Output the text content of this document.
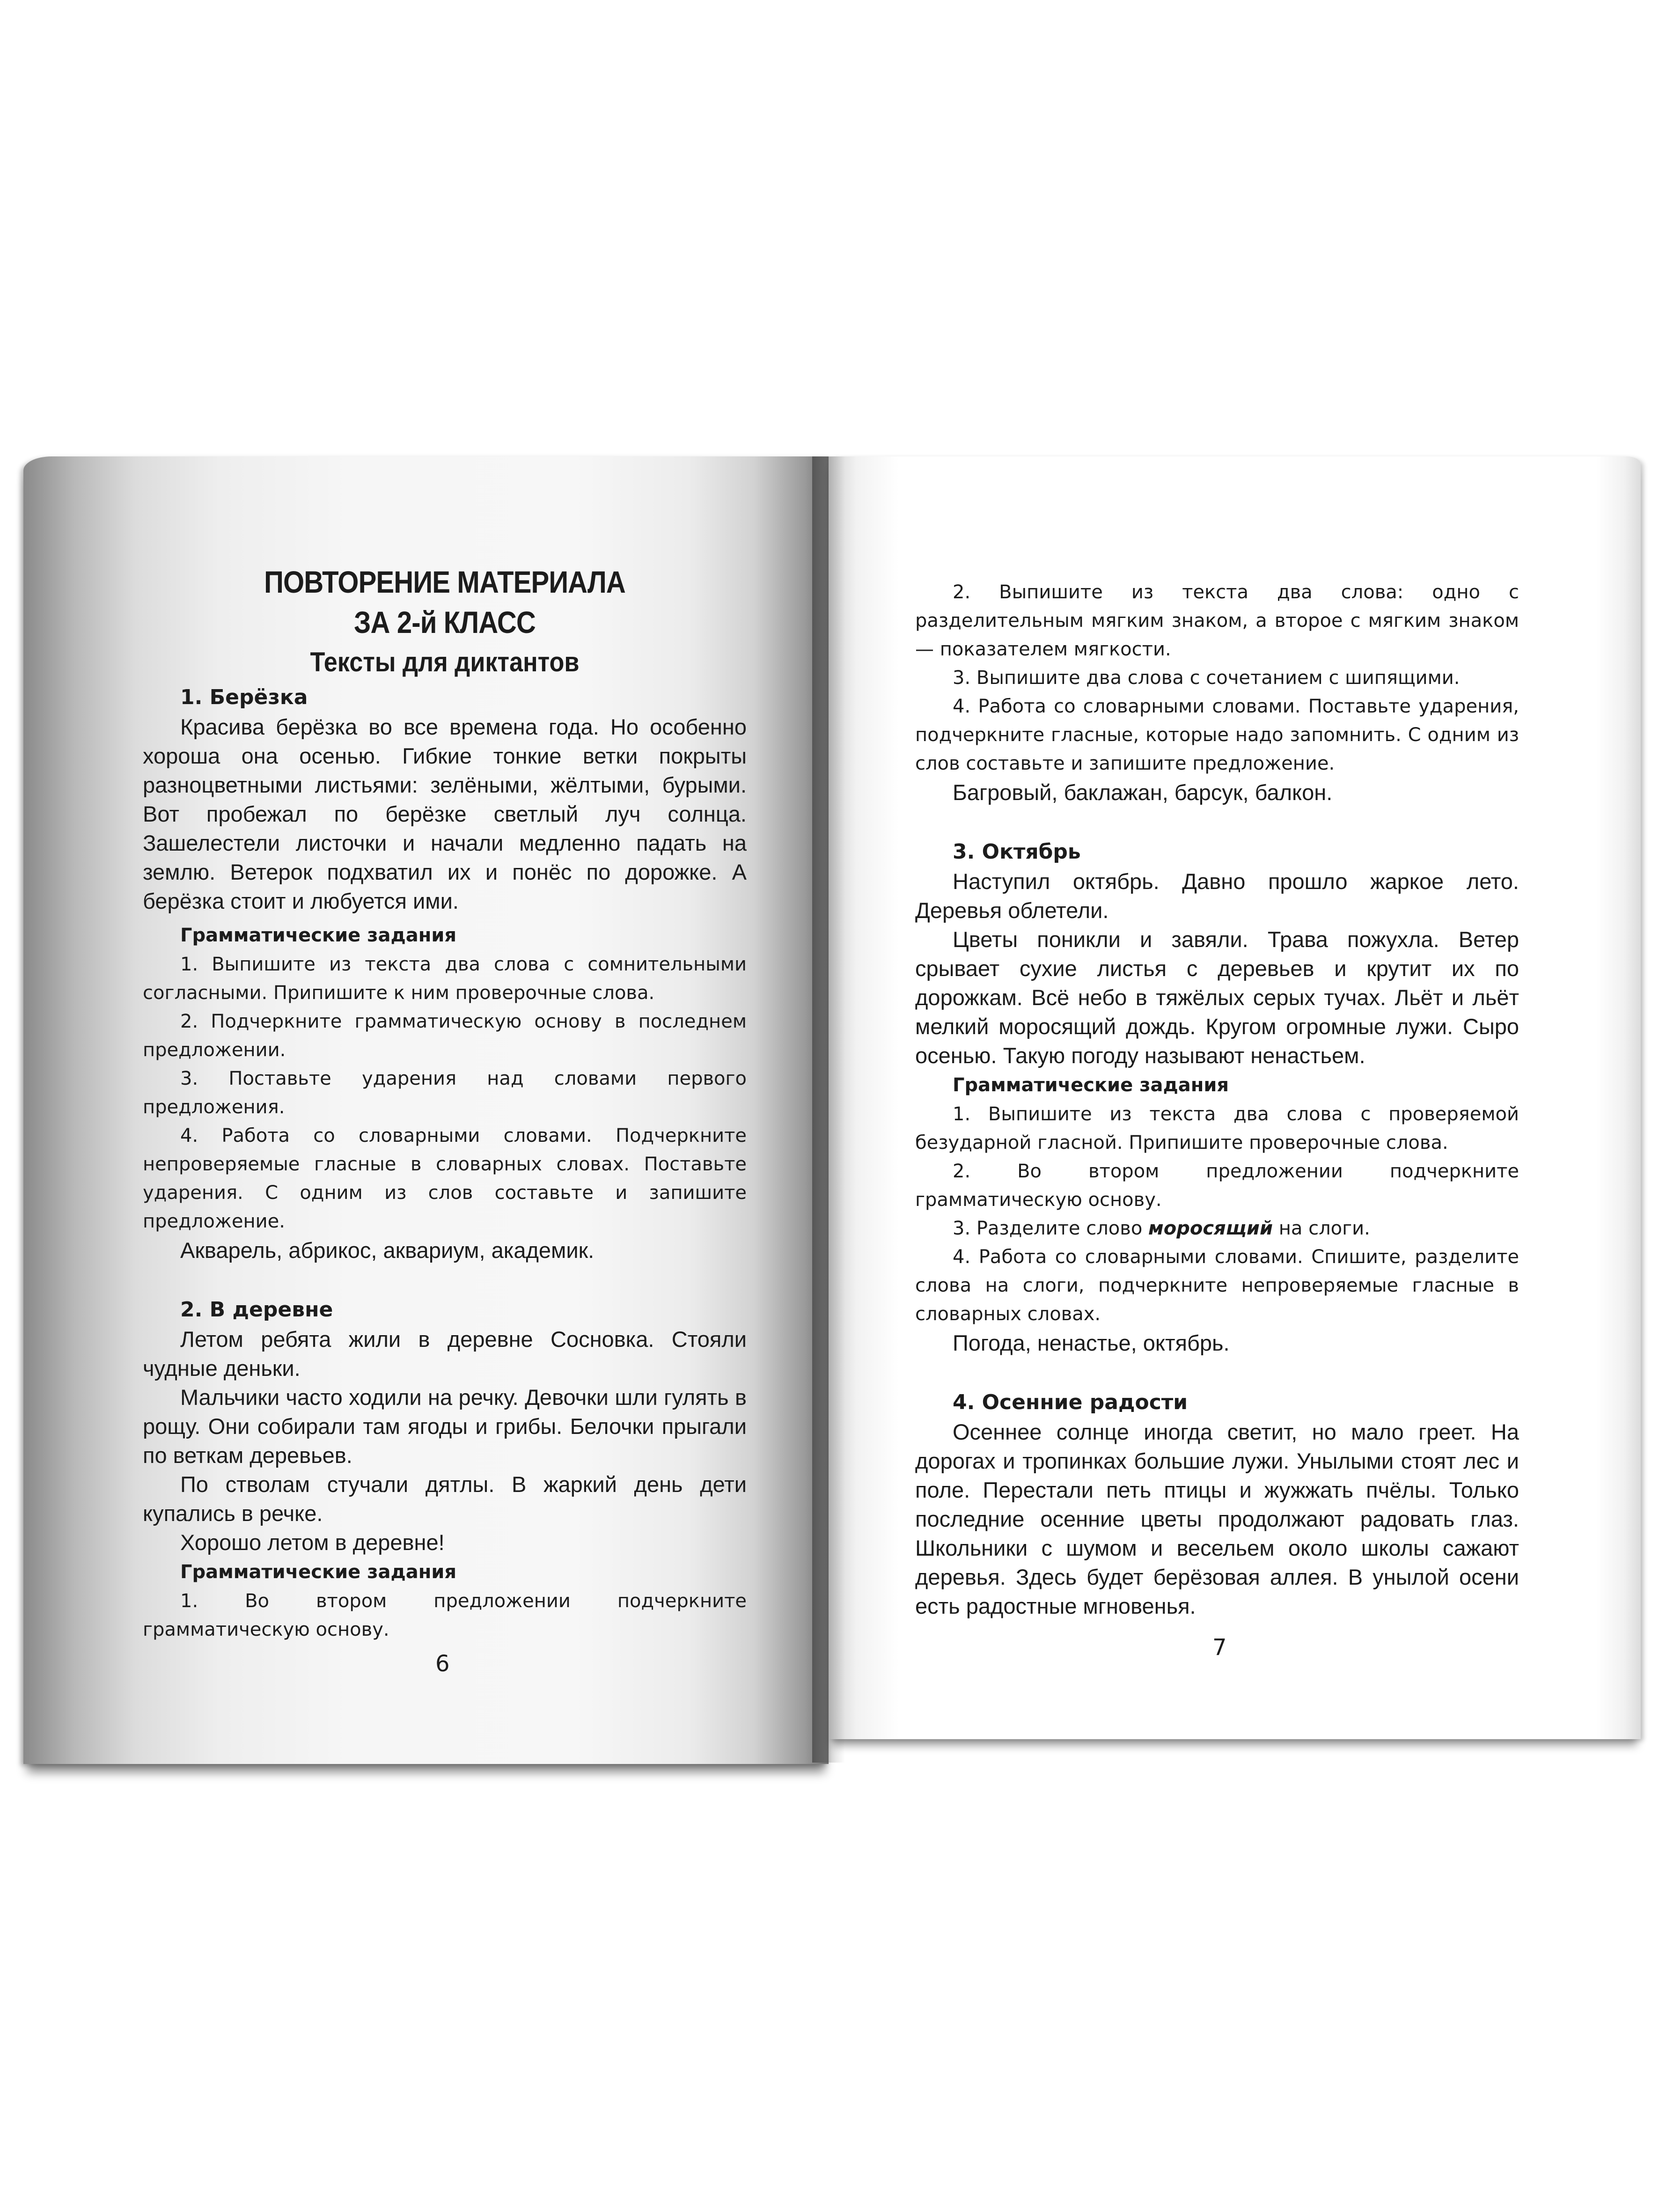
ПОВТОРЕНИЕ МАТЕРИАЛА

ЗА 2-й КЛАСС

Тексты для диктантов

1. Берёзка

Красива берёзка во все времена года. Но особенно хороша она осенью. Гибкие тонкие ветки покрыты разноцветными листьями: зелёными, жёлтыми, бурыми. Вот пробежал по берёзке светлый луч солнца. Зашелестели листочки и начали медленно падать на землю. Ветерок подхватил их и понёс по дорожке. А берёзка стоит и любуется ими.

Грамматические задания

1. Выпишите из текста два слова с сомнительными согласными. Припишите к ним проверочные слова.

2. Подчеркните грамматическую основу в последнем предложении.

3. Поставьте ударения над словами первого предложения.

4. Работа со словарными словами. Подчеркните непроверяемые гласные в словарных словах. Поставьте ударения. С одним из слов составьте и запишите предложение.

Акварель, абрикос, аквариум, академик.

2. В деревне

Летом ребята жили в деревне Сосновка. Стояли чудные деньки.

Мальчики часто ходили на речку. Девочки шли гулять в рощу. Они собирали там ягоды и грибы. Белочки прыгали по веткам деревьев.

По стволам стучали дятлы. В жаркий день дети купались в речке.

Хорошо летом в деревне!

Грамматические задания

1. Во втором предложении подчеркните грамматическую основу.

6

2. Выпишите из текста два слова: одно с разделительным мягким знаком, а второе с мягким знаком — показателем мягкости.

3. Выпишите два слова с сочетанием с шипящими.

4. Работа со словарными словами. Поставьте ударения, подчеркните гласные, которые надо запомнить. С одним из слов составьте и запишите предложение.

Багровый, баклажан, барсук, балкон.

3. Октябрь

Наступил октябрь. Давно прошло жаркое лето. Деревья облетели.

Цветы поникли и завяли. Трава пожухла. Ветер срывает сухие листья с деревьев и крутит их по дорожкам. Всё небо в тяжёлых серых тучах. Льёт и льёт мелкий моросящий дождь. Кругом огромные лужи. Сыро осенью. Такую погоду называют ненастьем.

Грамматические задания

1. Выпишите из текста два слова с проверяемой безударной гласной. Припишите проверочные слова.

2. Во втором предложении подчеркните грамматическую основу.

3. Разделите слово моросящий на слоги.

4. Работа со словарными словами. Спишите, разделите слова на слоги, подчеркните непроверяемые гласные в словарных словах.

Погода, ненастье, октябрь.

4. Осенние радости

Осеннее солнце иногда светит, но мало греет. На дорогах и тропинках большие лужи. Унылыми стоят лес и поле. Перестали петь птицы и жужжать пчёлы. Только последние осенние цветы продолжают радовать глаз. Школьники с шумом и весельем около школы сажают деревья. Здесь будет берёзовая аллея. В унылой осени есть радостные мгновенья.

7
